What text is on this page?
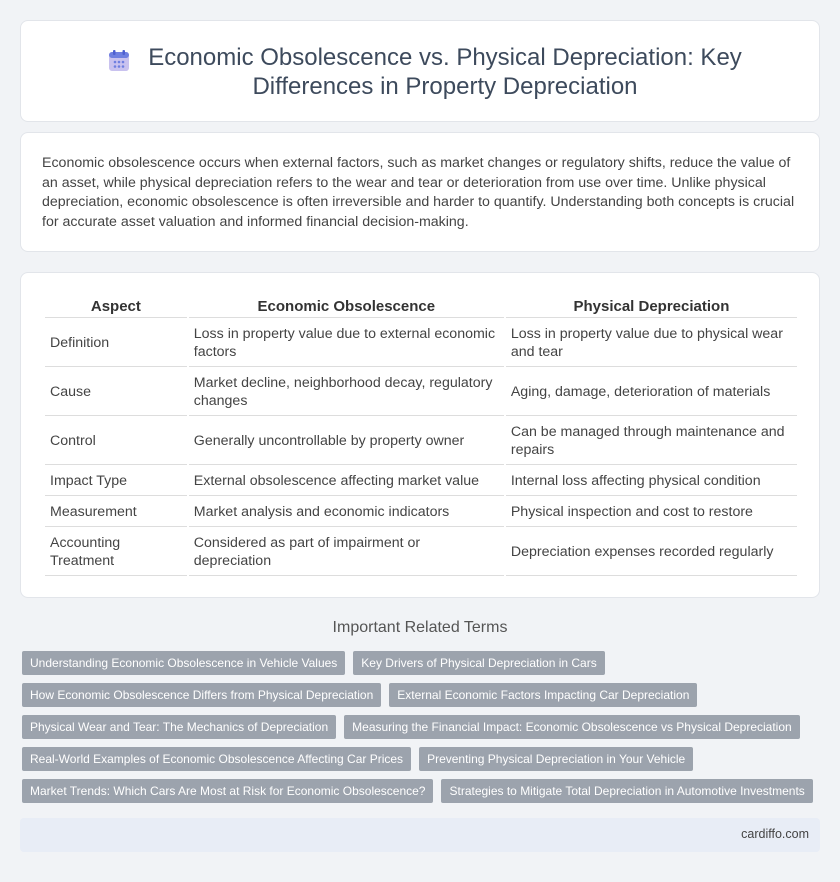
Economic Obsolescence vs. Physical Depreciation: Key Differences in Property Depreciation

Economic obsolescence occurs when external factors, such as market changes or regulatory shifts, reduce the value of an asset, while physical depreciation refers to the wear and tear or deterioration from use over time. Unlike physical depreciation, economic obsolescence is often irreversible and harder to quantify. Understanding both concepts is crucial for accurate asset valuation and informed financial decision-making.

Aspect	Economic Obsolescence	Physical Depreciation
Definition	Loss in property value due to external economic factors	Loss in property value due to physical wear and tear
Cause	Market decline, neighborhood decay, regulatory changes	Aging, damage, deterioration of materials
Control	Generally uncontrollable by property owner	Can be managed through maintenance and repairs
Impact Type	External obsolescence affecting market value	Internal loss affecting physical condition
Measurement	Market analysis and economic indicators	Physical inspection and cost to restore
Accounting Treatment	Considered as part of impairment or depreciation	Depreciation expenses recorded regularly
Important Related Terms
Understanding Economic Obsolescence in Vehicle Values	Key Drivers of Physical Depreciation in Cars
How Economic Obsolescence Differs from Physical Depreciation	External Economic Factors Impacting Car Depreciation
Physical Wear and Tear: The Mechanics of Depreciation	Measuring the Financial Impact: Economic Obsolescence vs Physical Depreciation
Real-World Examples of Economic Obsolescence Affecting Car Prices	Preventing Physical Depreciation in Your Vehicle
Market Trends: Which Cars Are Most at Risk for Economic Obsolescence?	Strategies to Mitigate Total Depreciation in Automotive Investments
cardiffo.com
